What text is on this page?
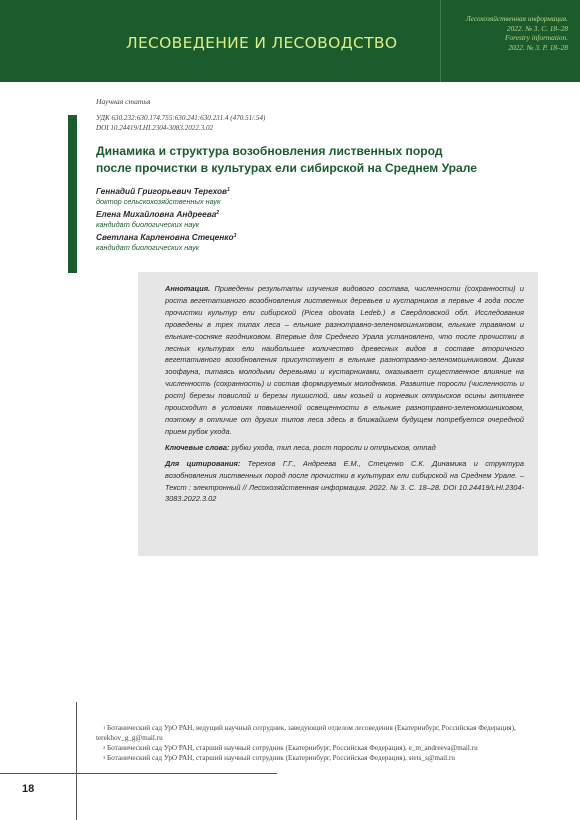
ЛЕСОВЕДЕНИЕ И ЛЕСОВОДСТВО
Лесохозяйственная информация.
2022. № 3. С. 18–28
Forestry information.
2022. № 3. P. 18–28
Научная статья
УДК 630.232:630.174.755:630.241:630.231.4 (470.51/.54)
DOI 10.24419/LHI.2304-3083.2022.3.02
Динамика и структура возобновления лиственных пород
после прочистки в культурах ели сибирской на Среднем Урале
Геннадий Григорьевич Терехов$^1$
доктор сельскохозяйственных наук
Елена Михайловна Андреева$^2$
кандидат биологических наук
Светлана Карленовна Стеценко$^3$
кандидат биологических наук

Аннотация. Приведены результаты изучения видового состава, численности (сохранности) и роста вегетативного возобновления лиственных деревьев и кустарников в первые 4 года после прочистки культур ели сибирской (Picea obovata Ledeb.) в Свердловской обл. Исследования проведены в трех типах леса – ельнике разнотравно-зеленомошниковом, ельнике травяном и ельнике-сосняке ягодниковом. Впервые для Среднего Урала установлено, что после прочистки в лесных культурах ели наибольшее количество древесных видов в составе вторичного вегетативного возобновления присутствует в ельнике разнотравно-зеленомошниковом. Дикая зоофауна, питаясь молодыми деревьями и кустарниками, оказывает существенное влияние на численность (сохранность) и состав формируемых молодняков. Развитие поросли (численность и рост) березы повислой и березы пушистой, ивы козьей и корневых отпрысков осины активнее происходит в условиях повышенной освещенности в ельнике разнотравно-зеленомошниковом, поэтому в отличие от других типов леса здесь в ближайшем будущем потребуется очередной прием рубок ухода.

Ключевые слова: рубки ухода, тип леса, рост поросли и отпрысков, отпад

Для цитирования: Терехов Г.Г., Андреева Е.М., Стеценко С.К. Динамика и структура возобновления лиственных пород после прочистки в культурах ели сибирской на Среднем Урале. – Текст : электронный // Лесохозяйственная информация. 2022. № 3. С. 18–28. DOI 10.24419/LHI.2304-3083.2022.3.02

$^1$ Ботанический сад УрО РАН, ведущий научный сотрудник, заведующий отделом лесоведения (Екатеринбург, Российская Федерация), terekhov_g_g@mail.ru
$^2$ Ботанический сад УрО РАН, старший научный сотрудник (Екатеринбург, Российская Федерация), e_m_andreeva@mail.ru
$^3$ Ботанический сад УрО РАН, старший научный сотрудник (Екатеринбург, Российская Федерация), stets_s@mail.ru
18
